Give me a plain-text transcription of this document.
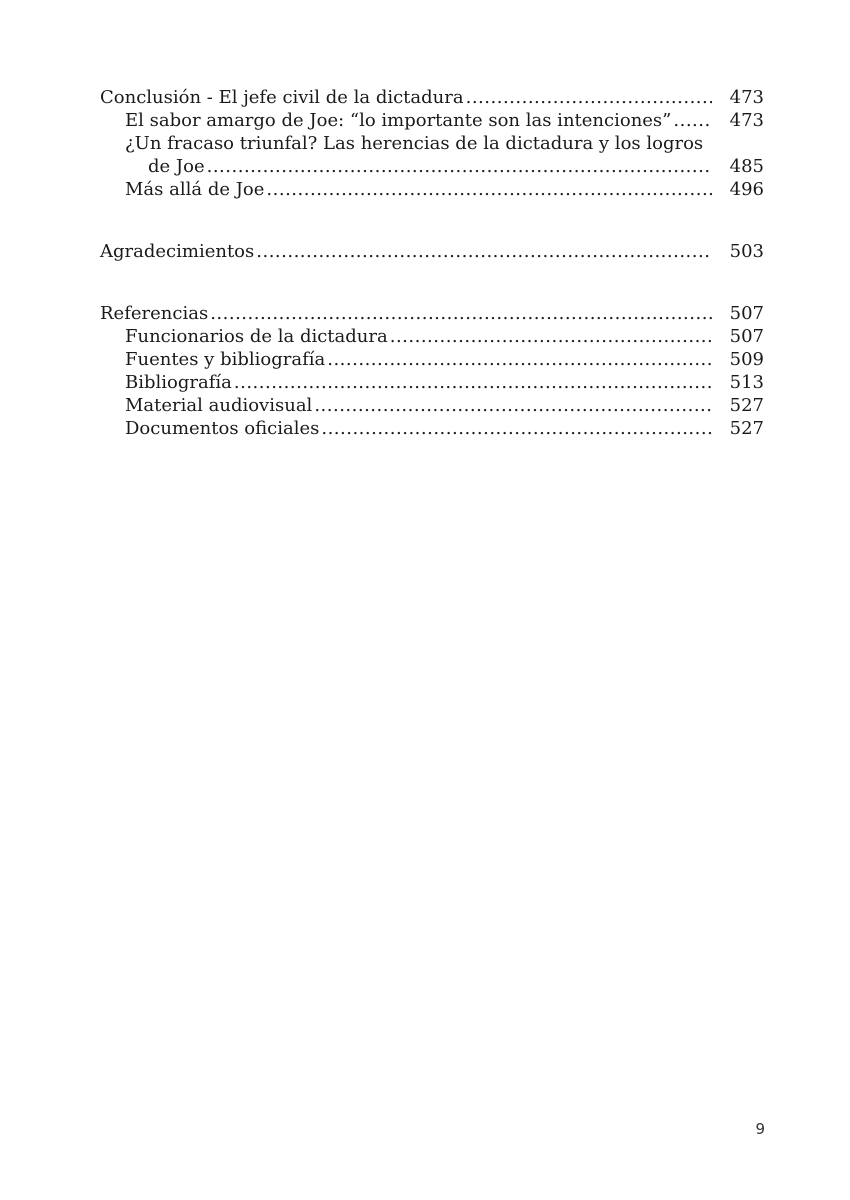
Conclusión - El jefe civil de la dictadura .....	473
El sabor amargo de Joe: “lo importante son las intenciones” .....	473
¿Un fracaso triunfal? Las herencias de la dictadura y los logros
de Joe .....	485
Más allá de Joe .....	496
Agradecimientos .....	503
Referencias .....	507
Funcionarios de la dictadura .....	507
Fuentes y bibliografía .....	509
Bibliografía .....	513
Material audiovisual .....	527
Documentos oficiales .....	527
9
